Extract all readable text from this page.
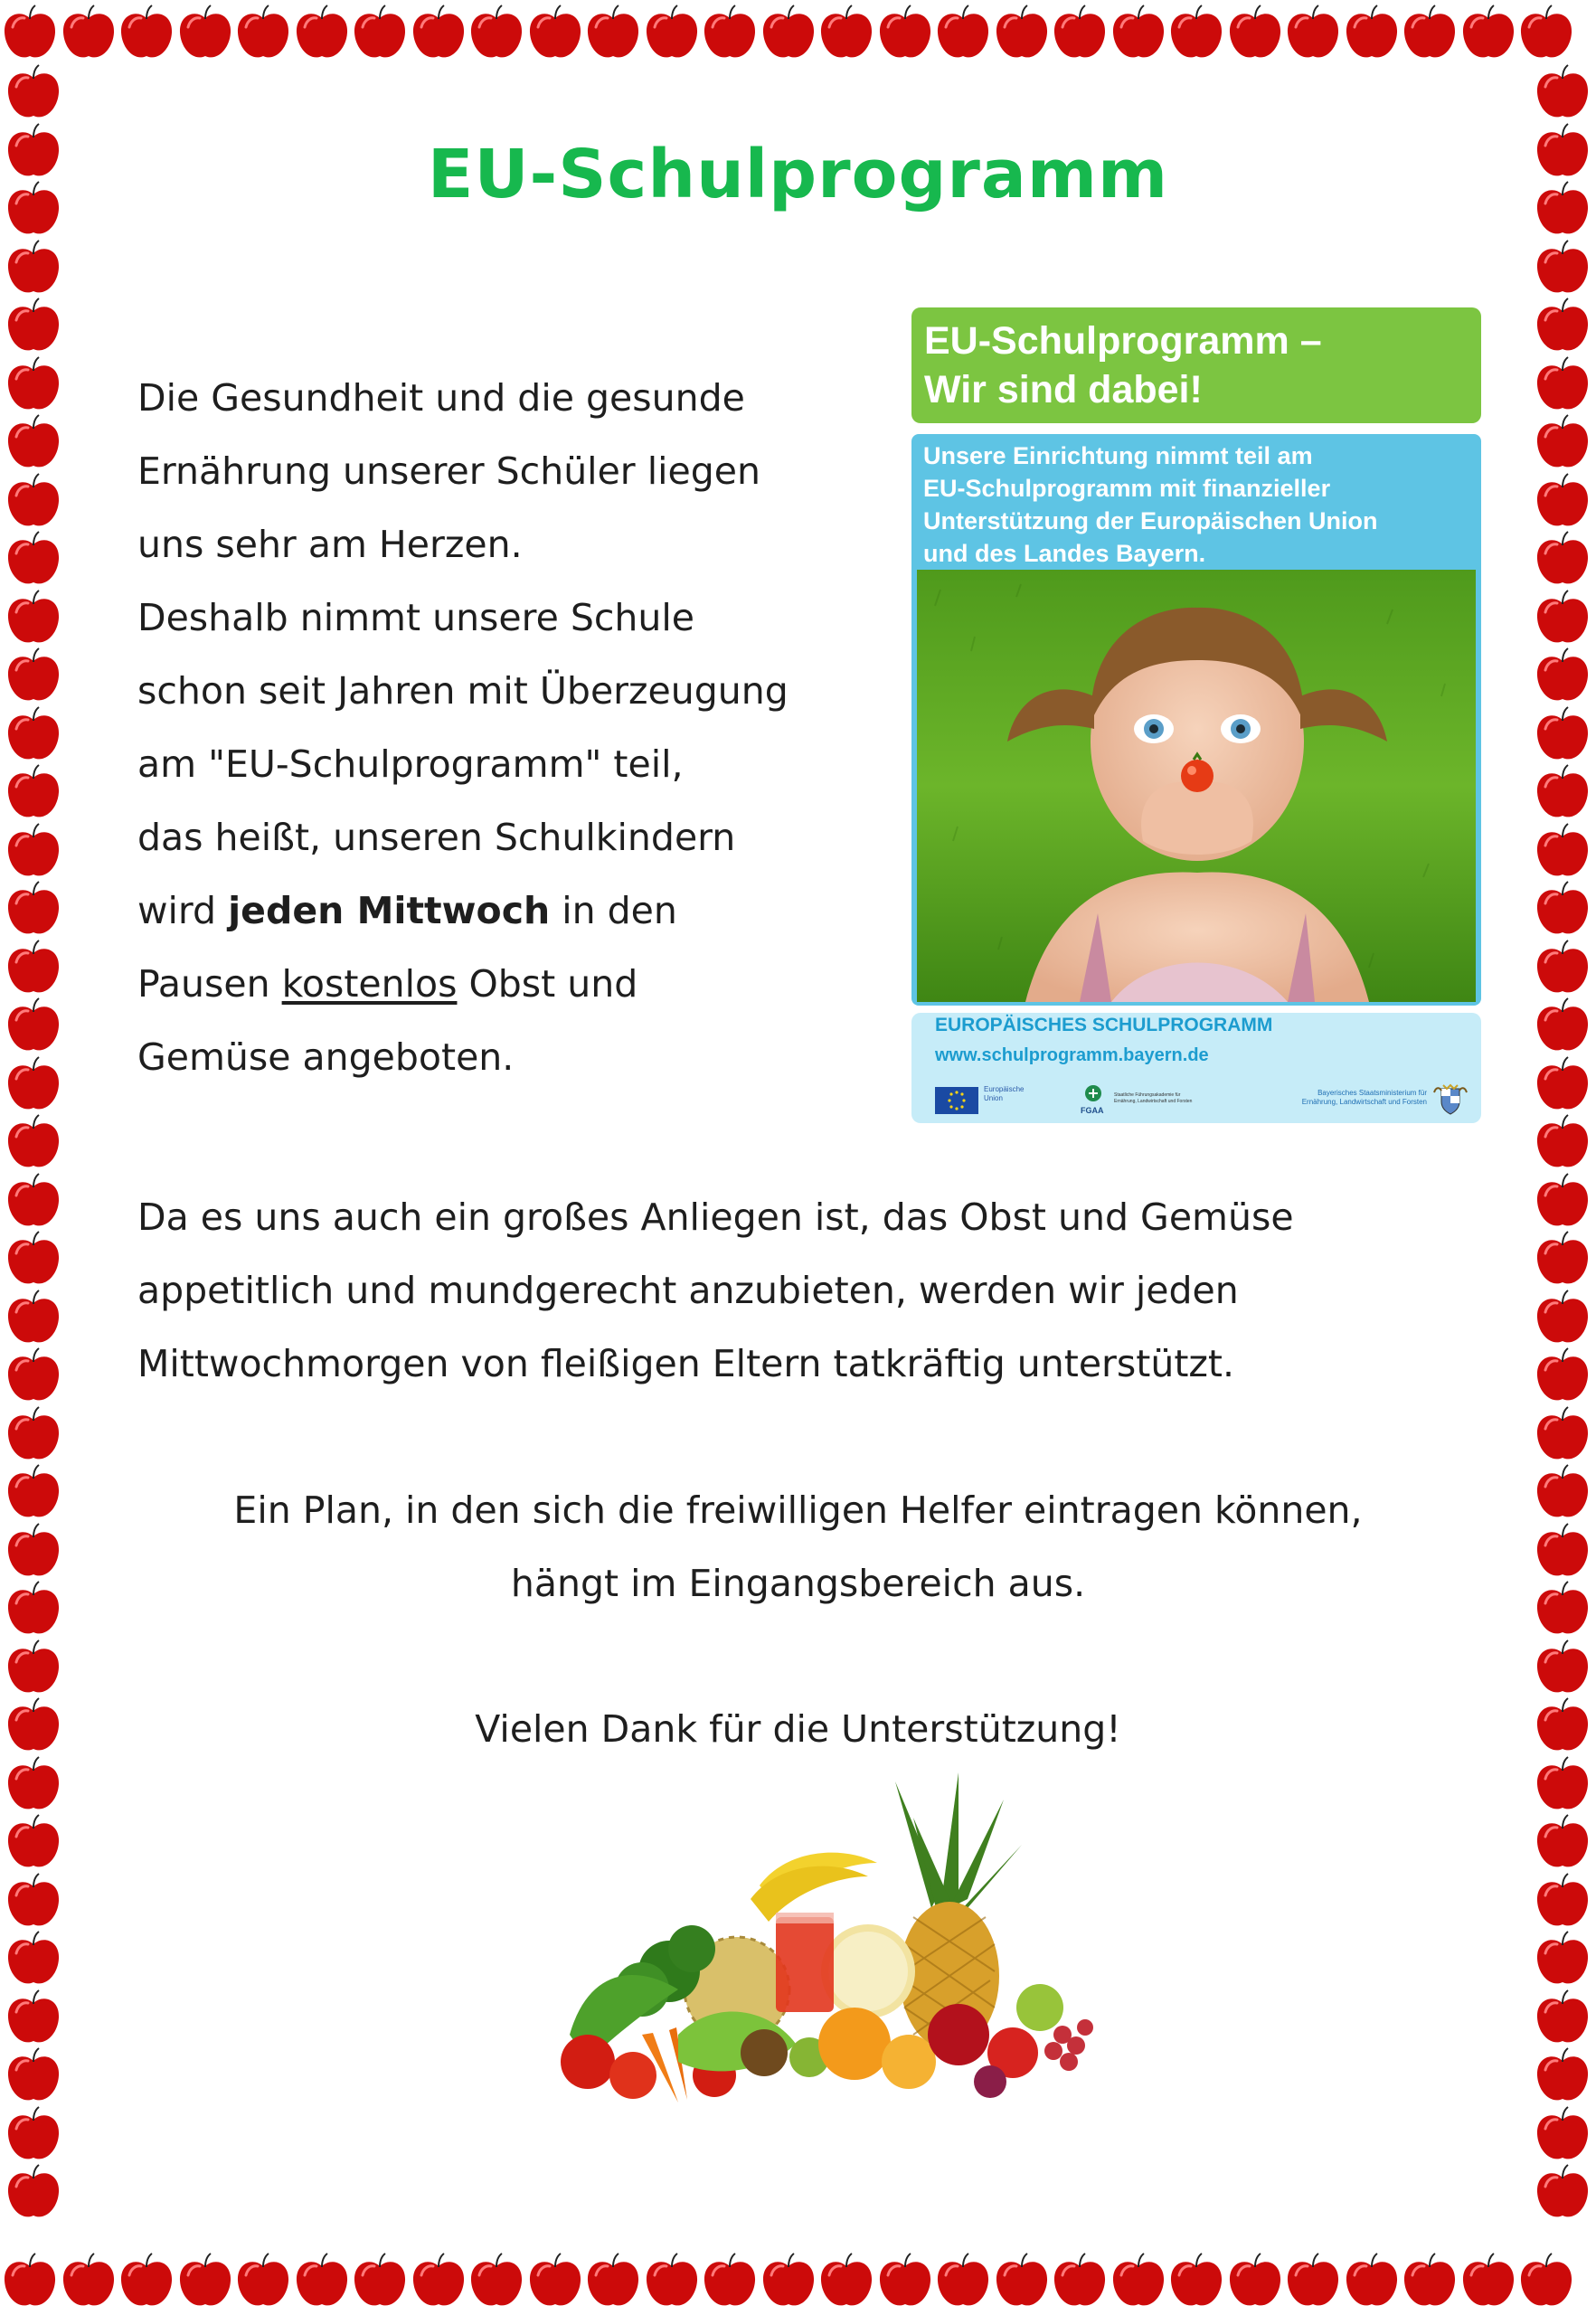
EU-Schulprogramm
Die Gesundheit und die gesunde
Ernährung unserer Schüler liegen
uns sehr am Herzen.
Deshalb nimmt unsere Schule
schon seit Jahren mit Überzeugung
am "EU-Schulprogramm" teil,
das heißt, unseren Schulkindern
wird jeden Mittwoch in den
Pausen kostenlos Obst und
Gemüse angeboten.
EU-Schulprogramm –
Wir sind dabei!
Unsere Einrichtung nimmt teil am
EU-Schulprogramm mit finanzieller
Unterstützung der Europäischen Union
und des Landes Bayern.
EUROPÄISCHES SCHULPROGRAMM
www.schulprogramm.bayern.de
Europäische
Union
FGAA
Staatliche Führungsakademie für
Ernährung, Landwirtschaft und Forsten
Bayerisches Staatsministerium für
Ernährung, Landwirtschaft und Forsten
Da es uns auch ein großes Anliegen ist, das Obst und Gemüse
appetitlich und mundgerecht anzubieten, werden wir jeden
Mittwochmorgen von fleißigen Eltern tatkräftig unterstützt.
Ein Plan, in den sich die freiwilligen Helfer eintragen können,
hängt im Eingangsbereich aus.
Vielen Dank für die Unterstützung!
